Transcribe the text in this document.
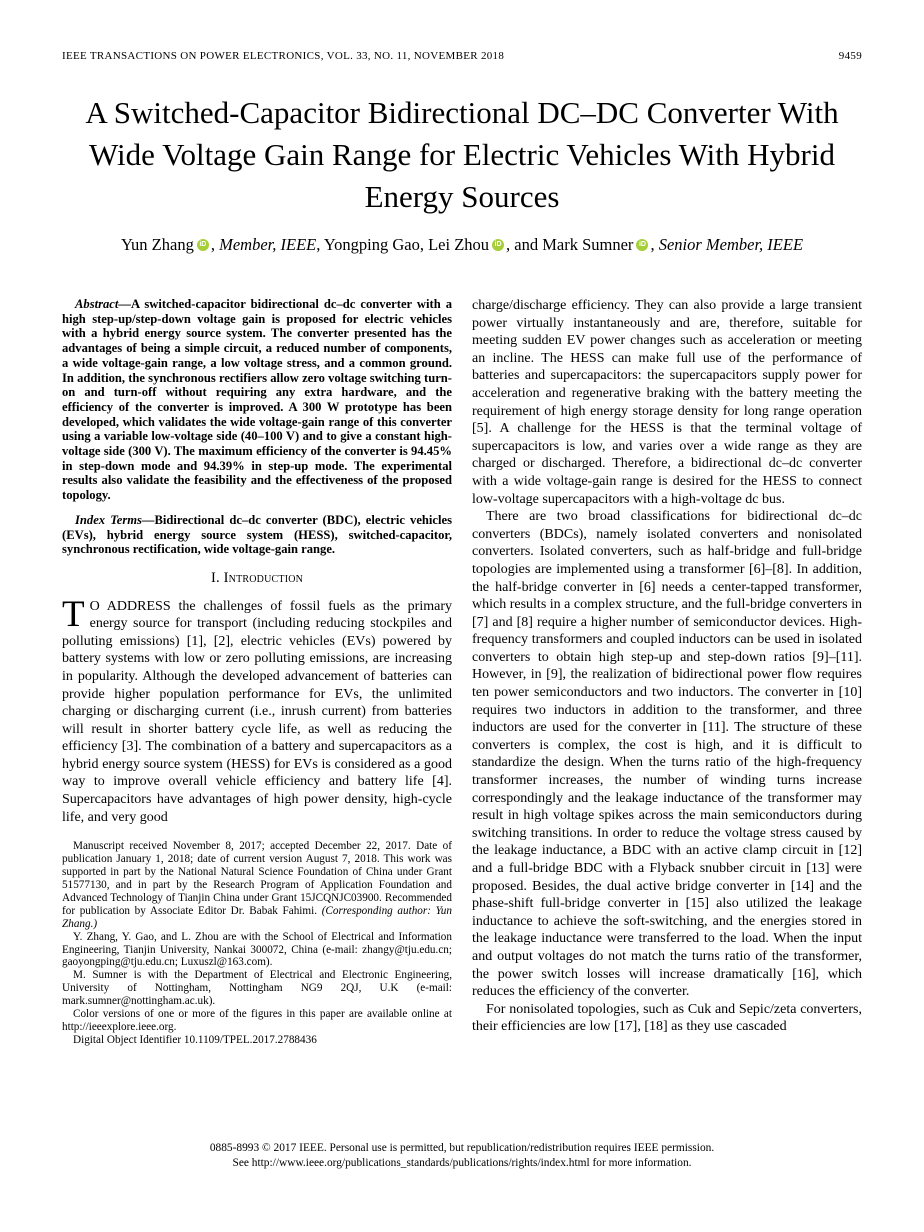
IEEE TRANSACTIONS ON POWER ELECTRONICS, VOL. 33, NO. 11, NOVEMBER 2018	9459
A Switched-Capacitor Bidirectional DC–DC Converter With Wide Voltage Gain Range for Electric Vehicles With Hybrid Energy Sources
Yun Zhang iD , Member, IEEE, Yongping Gao, Lei Zhou iD , and Mark Sumner iD , Senior Member, IEEE

Abstract—A switched-capacitor bidirectional dc–dc converter with a high step-up/step-down voltage gain is proposed for electric vehicles with a hybrid energy source system. The converter presented has the advantages of being a simple circuit, a reduced number of components, a wide voltage-gain range, a low voltage stress, and a common ground. In addition, the synchronous rectifiers allow zero voltage switching turn-on and turn-off without requiring any extra hardware, and the efficiency of the converter is improved. A 300 W prototype has been developed, which validates the wide voltage-gain range of this converter using a variable low-voltage side (40–100 V) and to give a constant high-voltage side (300 V). The maximum efficiency of the converter is 94.45% in step-down mode and 94.39% in step-up mode. The experimental results also validate the feasibility and the effectiveness of the proposed topology.

Index Terms—Bidirectional dc–dc converter (BDC), electric vehicles (EVs), hybrid energy source system (HESS), switched-capacitor, synchronous rectification, wide voltage-gain range.

I. Introduction

T O ADDRESS the challenges of fossil fuels as the primary energy source for transport (including reducing stockpiles and polluting emissions) [1], [2], electric vehicles (EVs) powered by battery systems with low or zero polluting emissions, are increasing in popularity. Although the developed advancement of batteries can provide higher population performance for EVs, the unlimited charging or discharging current (i.e., inrush current) from batteries will result in shorter battery cycle life, as well as reducing the efficiency [3]. The combination of a battery and supercapacitors as a hybrid energy source system (HESS) for EVs is considered as a good way to improve overall vehicle efficiency and battery life [4]. Supercapacitors have advantages of high power density, high-cycle life, and very good

Manuscript received November 8, 2017; accepted December 22, 2017. Date of publication January 1, 2018; date of current version August 7, 2018. This work was supported in part by the National Natural Science Foundation of China under Grant 51577130, and in part by the Research Program of Application Foundation and Advanced Technology of Tianjin China under Grant 15JCQNJC03900. Recommended for publication by Associate Editor Dr. Babak Fahimi. (Corresponding author: Yun Zhang.)

Y. Zhang, Y. Gao, and L. Zhou are with the School of Electrical and Information Engineering, Tianjin University, Nankai 300072, China (e-mail: zhangy@tju.edu.cn; gaoyongping@tju.edu.cn; Luxuszl@163.com).

M. Sumner is with the Department of Electrical and Electronic Engineering, University of Nottingham, Nottingham NG9 2QJ, U.K (e-mail: mark.sumner@nottingham.ac.uk).

Color versions of one or more of the figures in this paper are available online at http://ieeexplore.ieee.org.

Digital Object Identifier 10.1109/TPEL.2017.2788436

charge/discharge efficiency. They can also provide a large transient power virtually instantaneously and are, therefore, suitable for meeting sudden EV power changes such as acceleration or meeting an incline. The HESS can make full use of the performance of batteries and supercapacitors: the supercapacitors supply power for acceleration and regenerative braking with the battery meeting the requirement of high energy storage density for long range operation [5]. A challenge for the HESS is that the terminal voltage of supercapacitors is low, and varies over a wide range as they are charged or discharged. Therefore, a bidirectional dc–dc converter with a wide voltage-gain range is desired for the HESS to connect low-voltage supercapacitors with a high-voltage dc bus.

There are two broad classifications for bidirectional dc–dc converters (BDCs), namely isolated converters and nonisolated converters. Isolated converters, such as half-bridge and full-bridge topologies are implemented using a transformer [6]–[8]. In addition, the half-bridge converter in [6] needs a center-tapped transformer, which results in a complex structure, and the full-bridge converters in [7] and [8] require a higher number of semiconductor devices. High-frequency transformers and coupled inductors can be used in isolated converters to obtain high step-up and step-down ratios [9]–[11]. However, in [9], the realization of bidirectional power flow requires ten power semiconductors and two inductors. The converter in [10] requires two inductors in addition to the transformer, and three inductors are used for the converter in [11]. The structure of these converters is complex, the cost is high, and it is difficult to standardize the design. When the turns ratio of the high-frequency transformer increases, the number of winding turns increase correspondingly and the leakage inductance of the transformer may result in high voltage spikes across the main semiconductors during switching transitions. In order to reduce the voltage stress caused by the leakage inductance, a BDC with an active clamp circuit in [12] and a full-bridge BDC with a Flyback snubber circuit in [13] were proposed. Besides, the dual active bridge converter in [14] and the phase-shift full-bridge converter in [15] also utilized the leakage inductance to achieve the soft-switching, and the energies stored in the leakage inductance were transferred to the load. When the input and output voltages do not match the turns ratio of the transformer, the power switch losses will increase dramatically [16], which reduces the efficiency of the converter.

For nonisolated topologies, such as Cuk and Sepic/zeta converters, their efficiencies are low [17], [18] as they use cascaded

0885-8993 © 2017 IEEE. Personal use is permitted, but republication/redistribution requires IEEE permission.
See http://www.ieee.org/publications_standards/publications/rights/index.html for more information.
